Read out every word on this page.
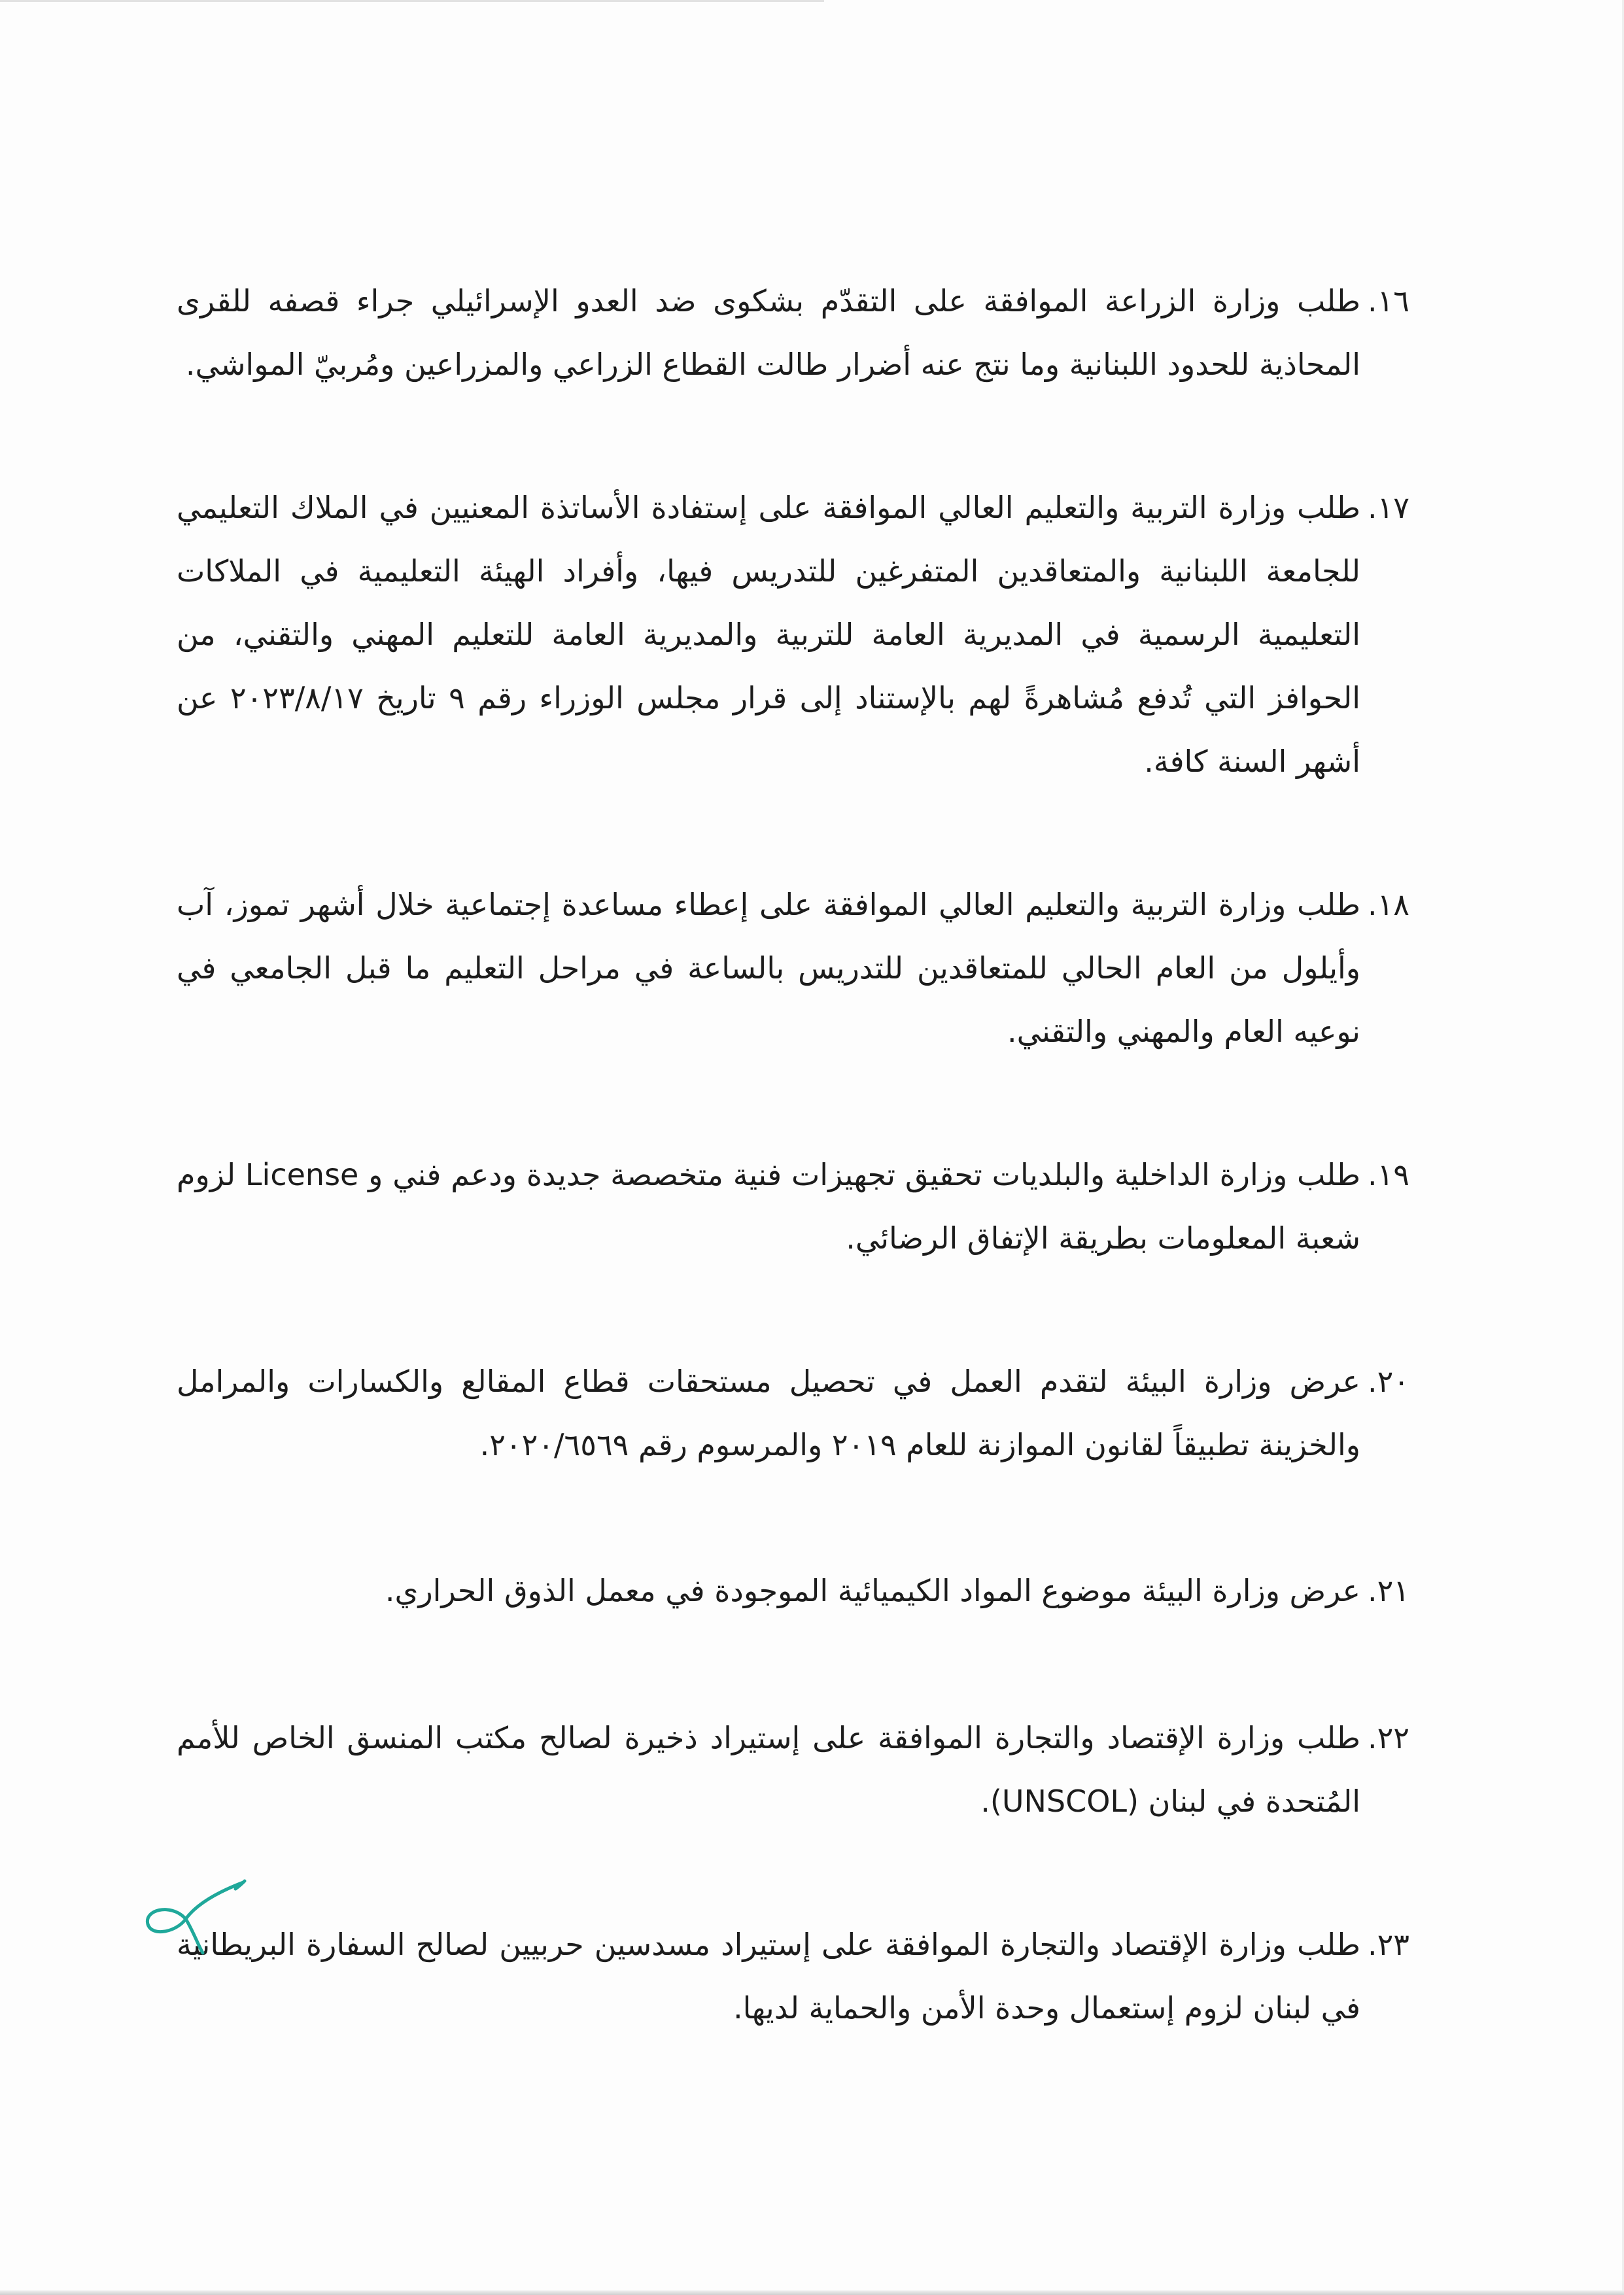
١٦.

طلب وزارة الزراعة الموافقة على التقدّم بشكوى ضد العدو الإسرائيلي جراء قصفه للقرى المحاذية للحدود اللبنانية وما نتج عنه أضرار طالت القطاع الزراعي والمزراعين ومُربيّ المواشي.

١٧.

طلب وزارة التربية والتعليم العالي الموافقة على إستفادة الأساتذة المعنيين في الملاك التعليمي للجامعة اللبنانية والمتعاقدين المتفرغين للتدريس فيها، وأفراد الهيئة التعليمية في الملاكات التعليمية الرسمية في المديرية العامة للتربية والمديرية العامة للتعليم المهني والتقني، من الحوافز التي تُدفع مُشاهرةً لهم بالإستناد إلى قرار مجلس الوزراء رقم ٩ تاريخ ٢٠٢٣/٨/١٧ عن أشهر السنة كافة.

١٨.

طلب وزارة التربية والتعليم العالي الموافقة على إعطاء مساعدة إجتماعية خلال أشهر تموز، آب وأيلول من العام الحالي للمتعاقدين للتدريس بالساعة في مراحل التعليم ما قبل الجامعي في نوعيه العام والمهني والتقني.

١٩.

طلب وزارة الداخلية والبلديات تحقيق تجهيزات فنية متخصصة جديدة ودعم فني و License لزوم شعبة المعلومات بطريقة الإتفاق الرضائي.

٢٠.

عرض وزارة البيئة لتقدم العمل في تحصيل مستحقات قطاع المقالع والكسارات والمرامل والخزينة تطبيقاً لقانون الموازنة للعام ٢٠١٩ والمرسوم رقم ٢٠٢٠/٦٥٦٩.

٢١.

عرض وزارة البيئة موضوع المواد الكيميائية الموجودة في معمل الذوق الحراري.

٢٢.

طلب وزارة الإقتصاد والتجارة الموافقة على إستيراد ذخيرة لصالح مكتب المنسق الخاص للأمم المُتحدة في لبنان (UNSCOL).

٢٣.

طلب وزارة الإقتصاد والتجارة الموافقة على إستيراد مسدسين حربيين لصالح السفارة البريطانية في لبنان لزوم إستعمال وحدة الأمن والحماية لديها.
